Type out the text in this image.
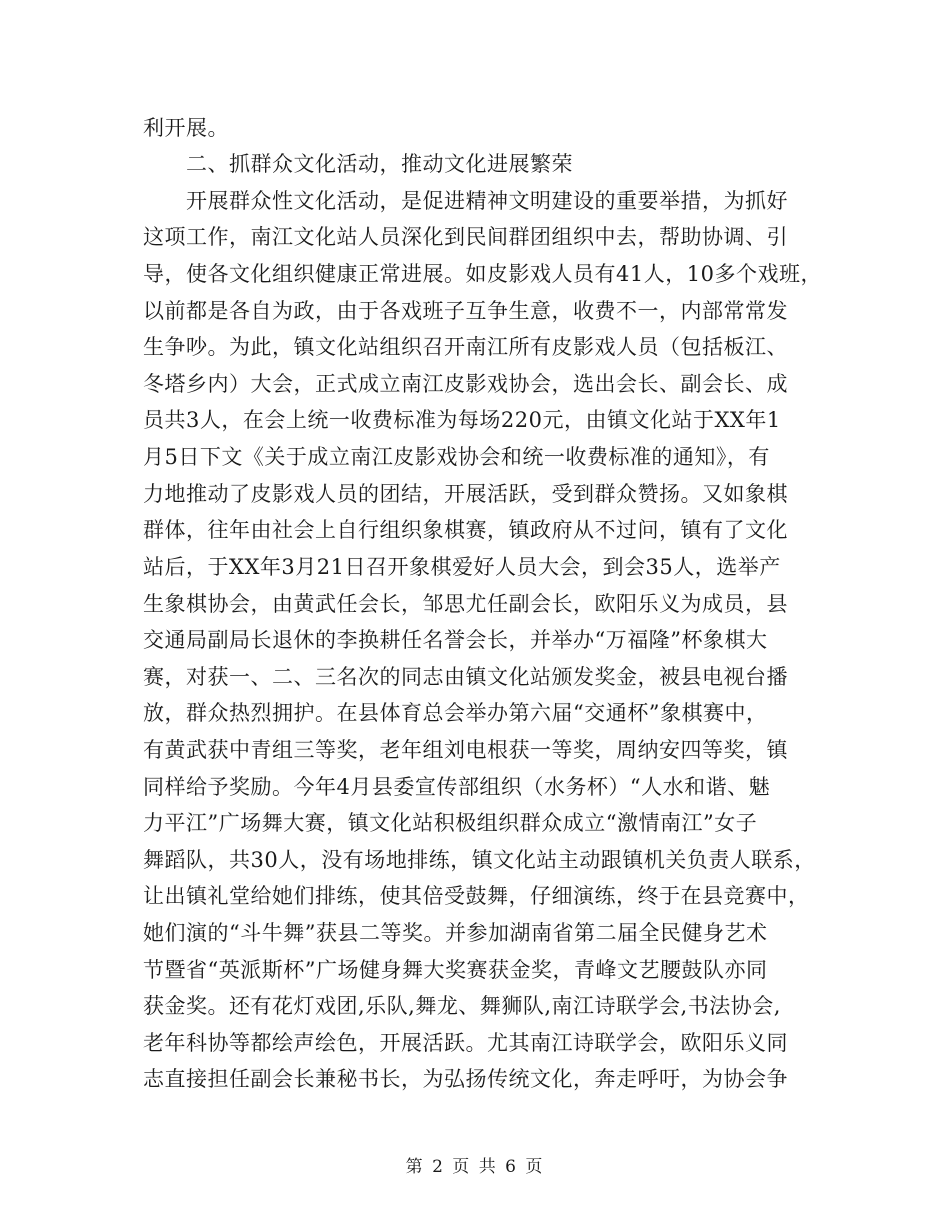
利开展。
　　二、抓群众文化活动，推动文化进展繁荣
　　开展群众性文化活动，是促进精神文明建设的重要举措，为抓好
这项工作，南江文化站人员深化到民间群团组织中去，帮助协调、引
导，使各文化组织健康正常进展。如皮影戏人员有41人，10多个戏班，
以前都是各自为政，由于各戏班子互争生意，收费不一，内部常常发
生争吵。为此，镇文化站组织召开南江所有皮影戏人员（包括板江、
冬塔乡内）大会，正式成立南江皮影戏协会，选出会长、副会长、成
员共3人，在会上统一收费标准为每场220元，由镇文化站于XX年1
月5日下文《关于成立南江皮影戏协会和统一收费标准的通知》，有
力地推动了皮影戏人员的团结，开展活跃，受到群众赞扬。又如象棋
群体，往年由社会上自行组织象棋赛，镇政府从不过问，镇有了文化
站后，于XX年3月21日召开象棋爱好人员大会，到会35人，选举产
生象棋协会，由黄武任会长，邹思尤任副会长，欧阳乐义为成员，县
交通局副局长退休的李换耕任名誉会长，并举办“万福隆”杯象棋大
赛，对获一、二、三名次的同志由镇文化站颁发奖金，被县电视台播
放，群众热烈拥护。在县体育总会举办第六届“交通杯”象棋赛中，
有黄武获中青组三等奖，老年组刘电根获一等奖，周纳安四等奖，镇
同样给予奖励。今年4月县委宣传部组织（水务杯）“人水和谐、魅
力平江”广场舞大赛，镇文化站积极组织群众成立“激情南江”女子
舞蹈队，共30人，没有场地排练，镇文化站主动跟镇机关负责人联系，
让出镇礼堂给她们排练，使其倍受鼓舞，仔细演练，终于在县竞赛中，
她们演的“斗牛舞”获县二等奖。并参加湖南省第二届全民健身艺术
节暨省“英派斯杯”广场健身舞大奖赛获金奖，青峰文艺腰鼓队亦同
获金奖。还有花灯戏团,乐队,舞龙、舞狮队,南江诗联学会,书法协会,
老年科协等都绘声绘色，开展活跃。尤其南江诗联学会，欧阳乐义同
志直接担任副会长兼秘书长，为弘扬传统文化，奔走呼吁，为协会争
第 2 页 共 6 页
